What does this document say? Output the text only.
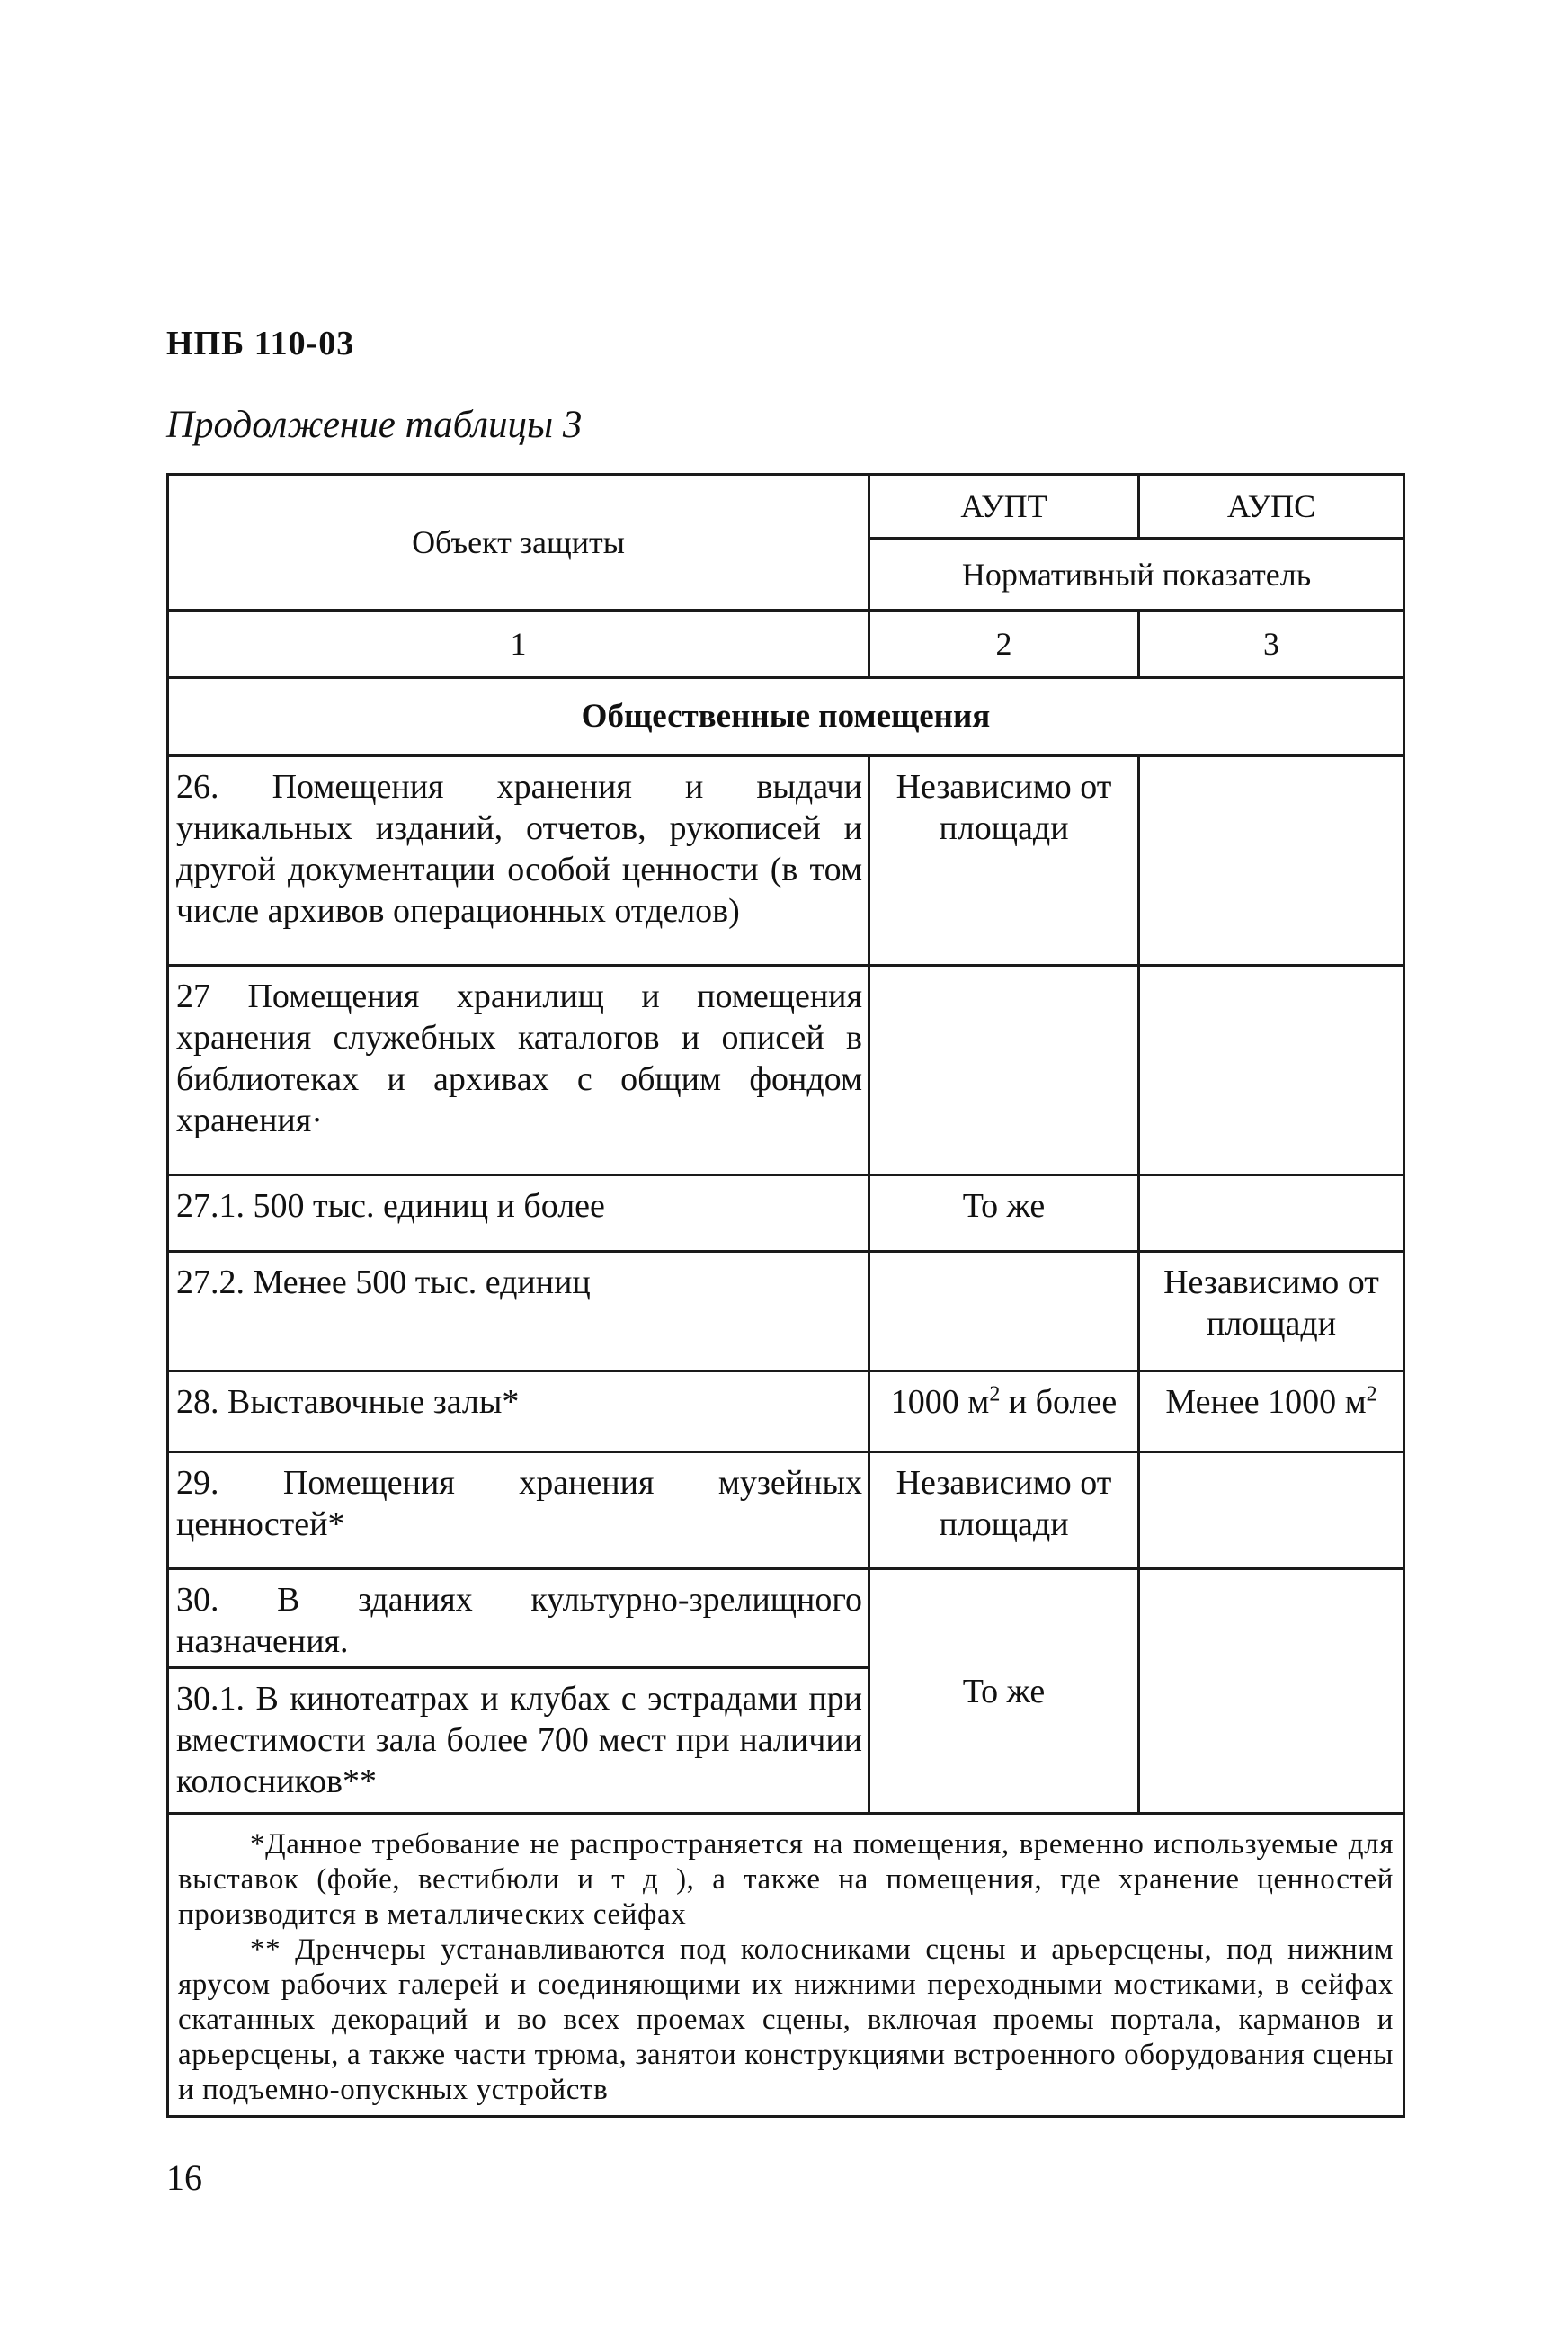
НПБ 110-03
Продолжение таблицы 3
Объект защиты	АУПТ	АУПС
	Нормативный показатель	
1	2	3
Общественные помещения		
26. Помещения хранения и выдачи уникальных изданий, отчетов, рукописей и другой документации особой ценности (в том числе архивов операционных отделов)	Независимо от площади	
27 Помещения хранилищ и помещения хранения служебных каталогов и описей в библиотеках и архивах с общим фондом хранения·		
27.1. 500 тыс. единиц и более	То же	
27.2. Менее 500 тыс. единиц		Независимо от площади
28. Выставочные залы*	1000 $м^2$ и более	Менее 1000 $м^2$
29. Помещения хранения музейных ценностей*	Независимо от площади	
30. В зданиях культурно-зрелищного назначения.	То же	
30.1. В кинотеатрах и клубах с эстрадами при вместимости зала более 700 мест при наличии колосников**		

*Данное требование не распространяется на помещения, временно используемые для выставок (фойе, вестибюли и т д ), а также на помещения, где хранение ценностей производится в металлических сейфах

** Дренчеры устанавливаются под колосниками сцены и арьерсцены, под нижним ярусом рабочих галерей и соединяющими их нижними переходными мостиками, в сейфах скатанных декораций и во всех проемах сцены, включая проемы портала, карманов и арьерсцены, а также части трюма, занятои конструкциями встроенного оборудования сцены и подъемно-опускных устройств		

16
